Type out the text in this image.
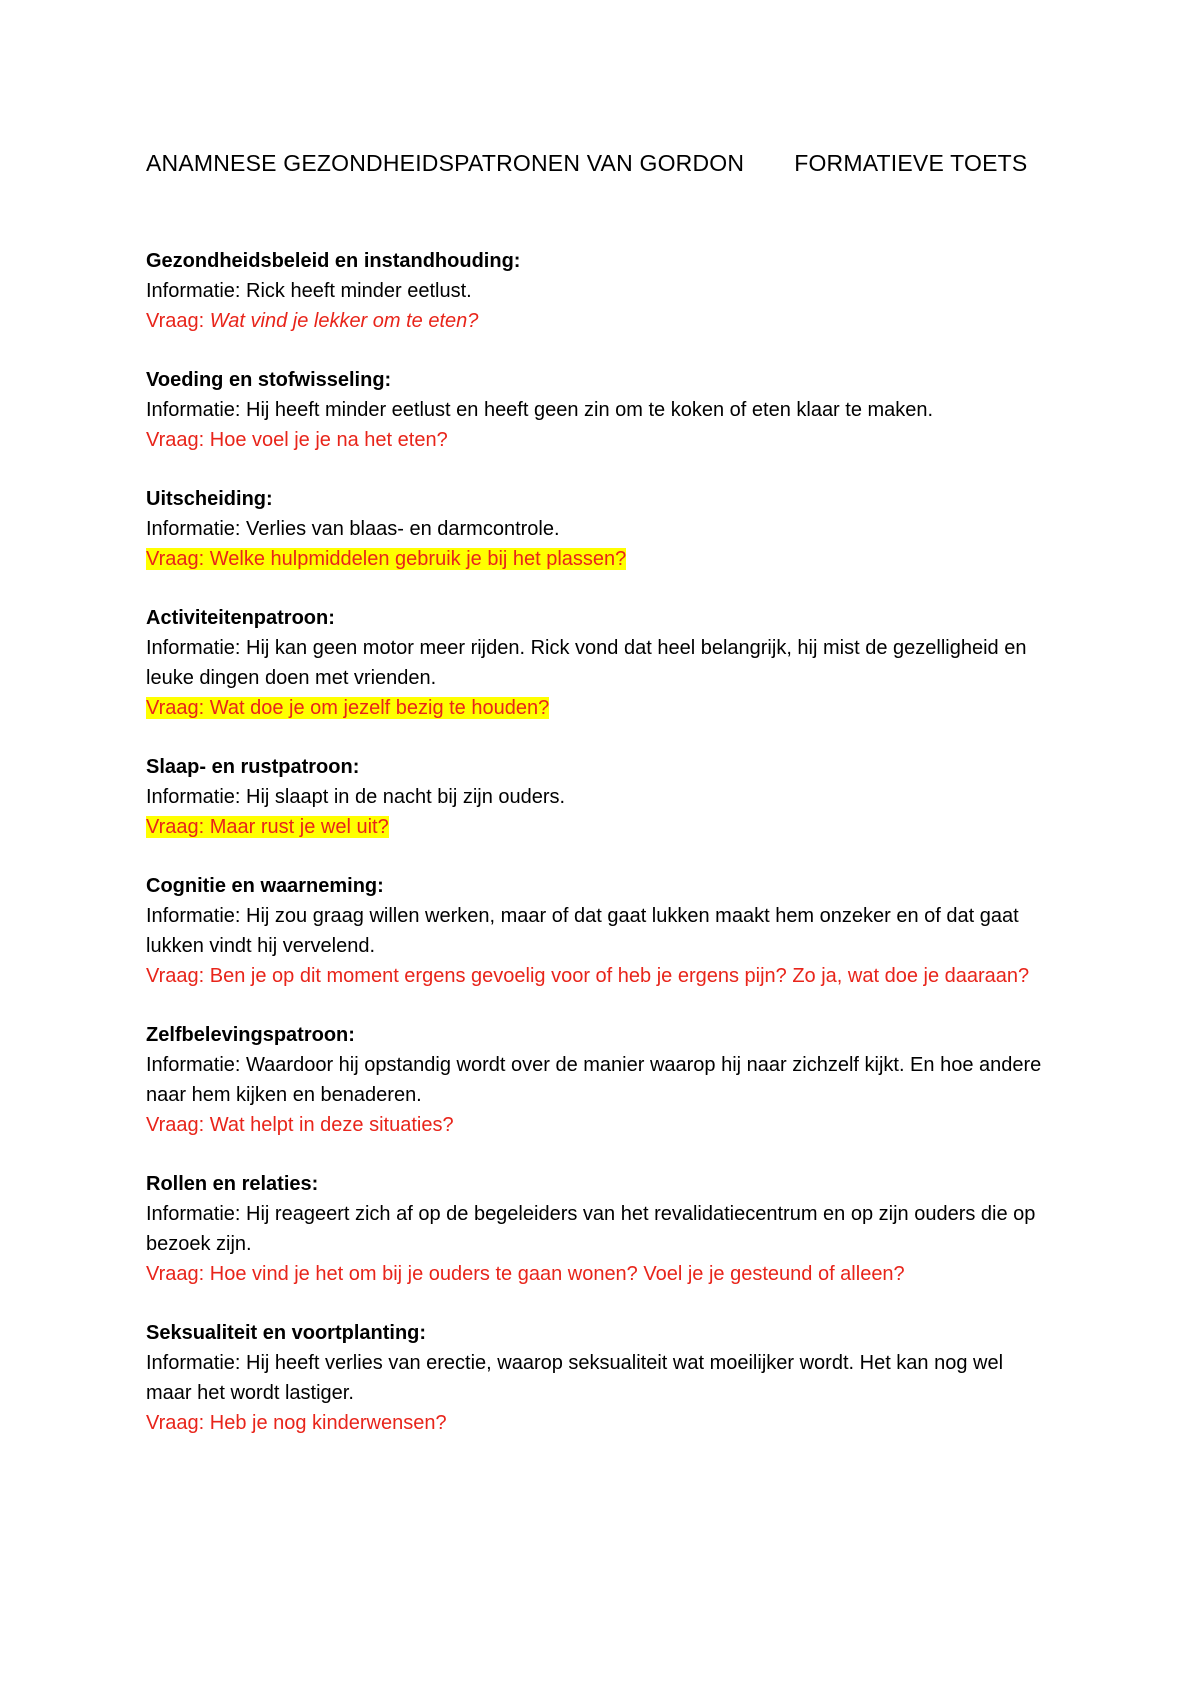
ANAMNESE GEZONDHEIDSPATRONEN VAN GORDON FORMATIEVE TOETS
Gezondheidsbeleid en instandhouding:
Informatie: Rick heeft minder eetlust.
Vraag: Wat vind je lekker om te eten?
Voeding en stofwisseling:
Informatie: Hij heeft minder eetlust en heeft geen zin om te koken of eten klaar te maken.
Vraag: Hoe voel je je na het eten?
Uitscheiding:
Informatie: Verlies van blaas- en darmcontrole.
Vraag: Welke hulpmiddelen gebruik je bij het plassen?
Activiteitenpatroon:
Informatie: Hij kan geen motor meer rijden. Rick vond dat heel belangrijk, hij mist de gezelligheid en leuke dingen doen met vrienden.
Vraag: Wat doe je om jezelf bezig te houden?
Slaap- en rustpatroon:
Informatie: Hij slaapt in de nacht bij zijn ouders.
Vraag: Maar rust je wel uit?
Cognitie en waarneming:
Informatie: Hij zou graag willen werken, maar of dat gaat lukken maakt hem onzeker en of dat gaat lukken vindt hij vervelend.
Vraag: Ben je op dit moment ergens gevoelig voor of heb je ergens pijn? Zo ja, wat doe je daaraan?
Zelfbelevingspatroon:
Informatie: Waardoor hij opstandig wordt over de manier waarop hij naar zichzelf kijkt. En hoe andere naar hem kijken en benaderen.
Vraag: Wat helpt in deze situaties?
Rollen en relaties:
Informatie: Hij reageert zich af op de begeleiders van het revalidatiecentrum en op zijn ouders die op bezoek zijn.
Vraag: Hoe vind je het om bij je ouders te gaan wonen? Voel je je gesteund of alleen?
Seksualiteit en voortplanting:
Informatie: Hij heeft verlies van erectie, waarop seksualiteit wat moeilijker wordt. Het kan nog wel maar het wordt lastiger.
Vraag: Heb je nog kinderwensen?
